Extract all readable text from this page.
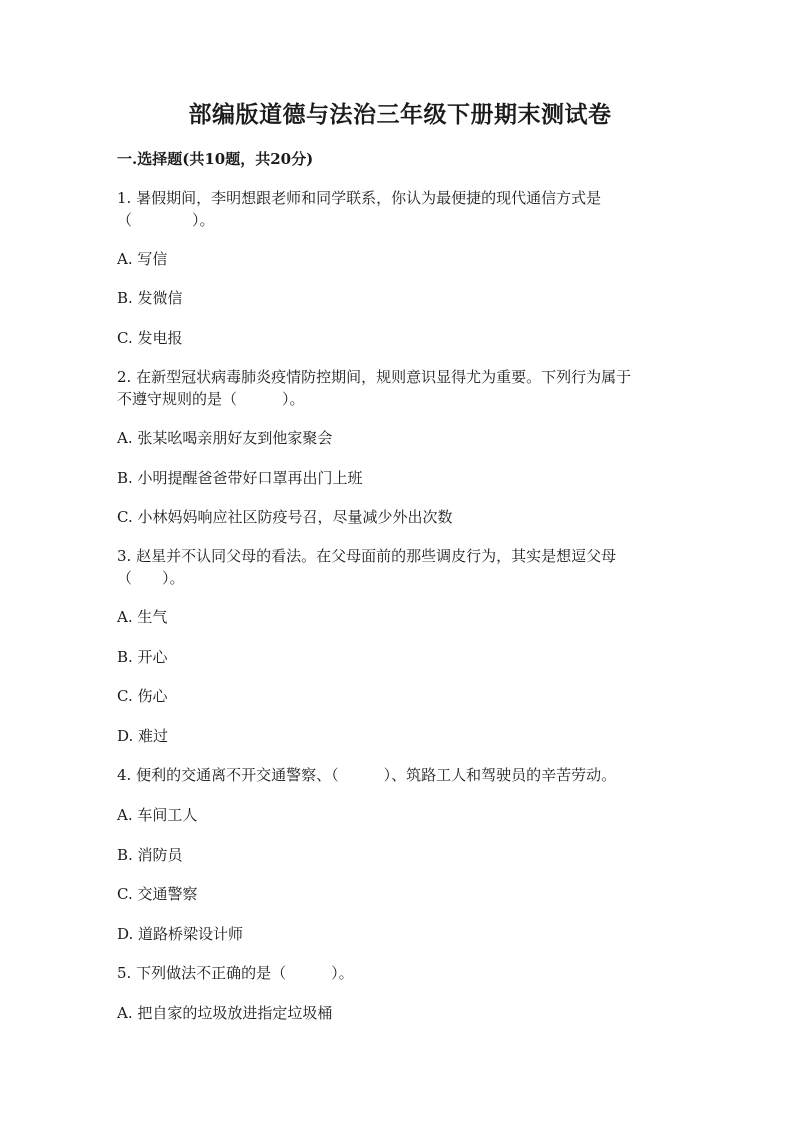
部编版道德与法治三年级下册期末测试卷
一.选择题(共10题，共20分)
1. 暑假期间，李明想跟老师和同学联系，你认为最便捷的现代通信方式是
（　　　　）。
A. 写信
B. 发微信
C. 发电报
2. 在新型冠状病毒肺炎疫情防控期间，规则意识显得尤为重要。下列行为属于
不遵守规则的是（　　　）。
A. 张某吆喝亲朋好友到他家聚会
B. 小明提醒爸爸带好口罩再出门上班
C. 小林妈妈响应社区防疫号召，尽量减少外出次数
3. 赵星并不认同父母的看法。在父母面前的那些调皮行为，其实是想逗父母
（　　）。
A. 生气
B. 开心
C. 伤心
D. 难过
4. 便利的交通离不开交通警察、（　　　）、筑路工人和驾驶员的辛苦劳动。
A. 车间工人
B. 消防员
C. 交通警察
D. 道路桥梁设计师
5. 下列做法不正确的是（　　　）。
A. 把自家的垃圾放进指定垃圾桶
